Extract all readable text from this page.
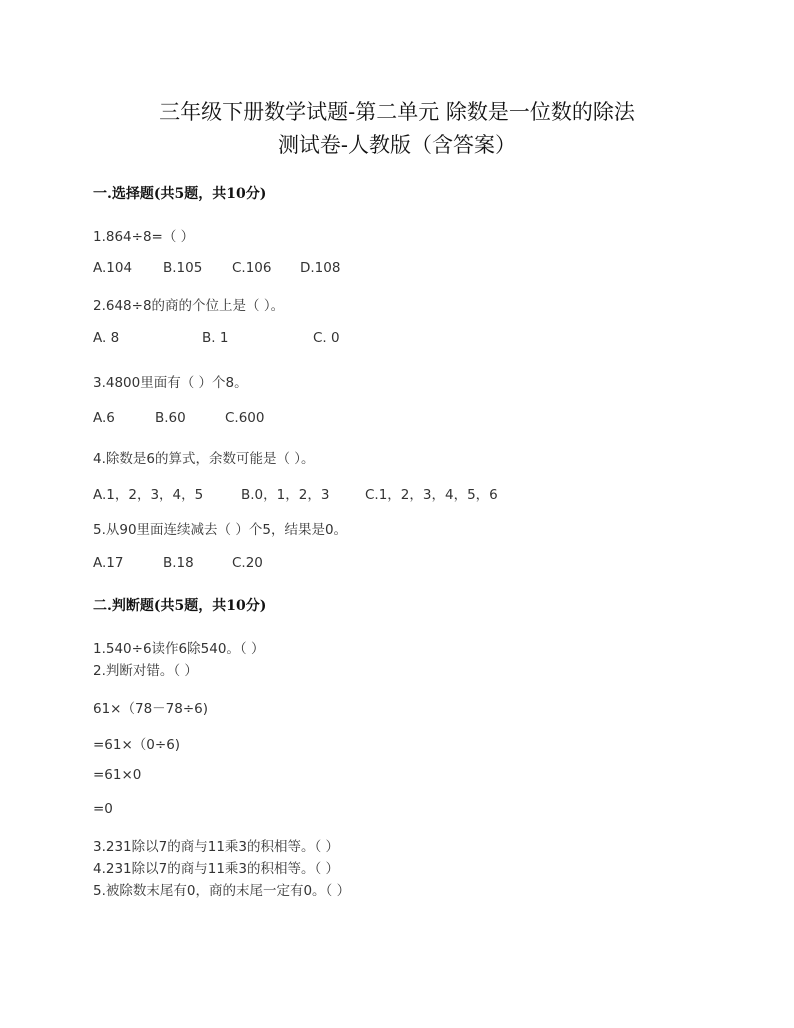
三年级下册数学试题-第二单元 除数是一位数的除法
测试卷-人教版（含答案）
一.选择题(共5题，共10分)
1.864÷8=（ ）
A.104 B.105 C.106 D.108
2.648÷8的商的个位上是（ ）。
A. 8	B. 1	C. 0
3.4800里面有（ ）个8。
A.6	B.60	C.600
4.除数是6的算式，余数可能是（ ）。
A.1，2，3，4，5	B.0，1，2，3	C.1，2，3，4，5，6
5.从90里面连续减去（ ）个5，结果是0。
A.17	B.18	C.20
二.判断题(共5题，共10分)
1.540÷6读作6除540。（ ）
2.判断对错。（ ）
61×（78－78÷6)
=61×（0÷6)
=61×0
=0
3.231除以7的商与11乘3的积相等。（ ）
4.231除以7的商与11乘3的积相等。（ ）
5.被除数末尾有0，商的末尾一定有0。（ ）
